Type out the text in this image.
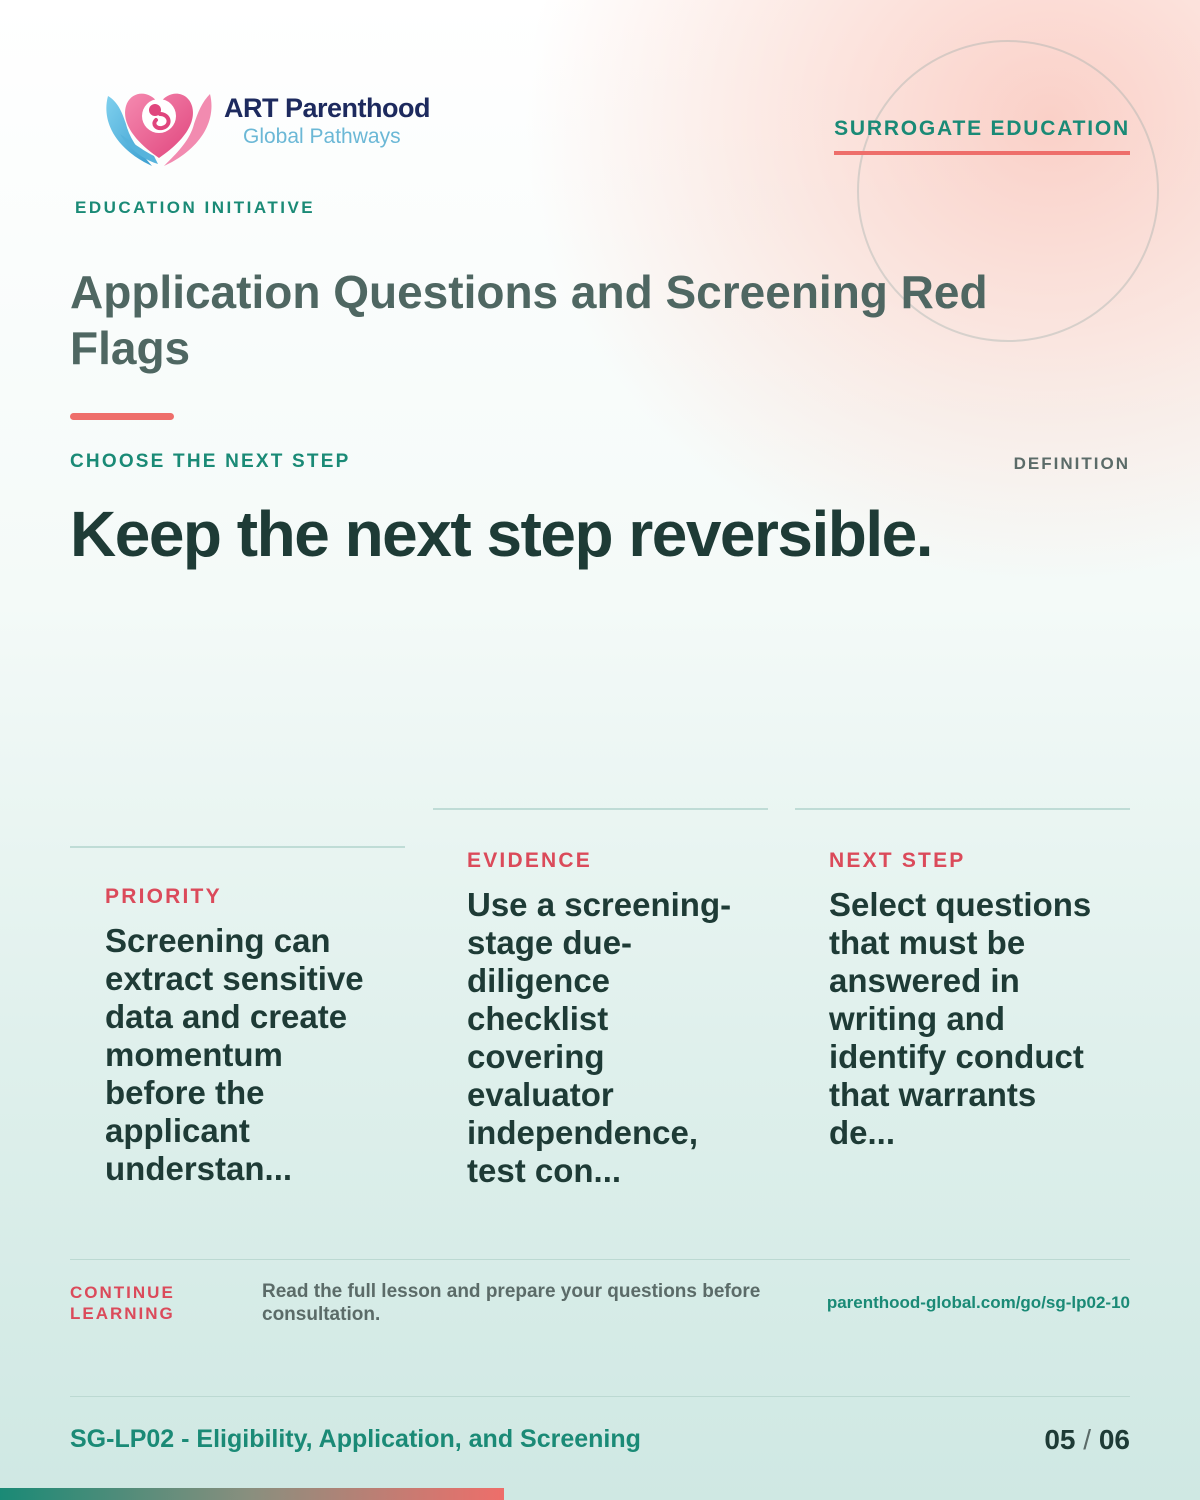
ART Parenthood
Global Pathways
EDUCATION INITIATIVE
SURROGATE EDUCATION
Application Questions and Screening Red Flags
CHOOSE THE NEXT STEP	DEFINITION
Keep the next step reversible.
PRIORITY
Screening can extract sensitive data and create momentum before the applicant understan...
EVIDENCE
Use a screening-stage due-diligence checklist covering evaluator independence, test con...
NEXT STEP
Select questions that must be answered in writing and identify conduct that warrants de...
CONTINUE LEARNING
Read the full lesson and prepare your questions before consultation.
parenthood-global.com/go/sg-lp02-10
SG-LP02 - Eligibility, Application, and Screening	05 / 06
